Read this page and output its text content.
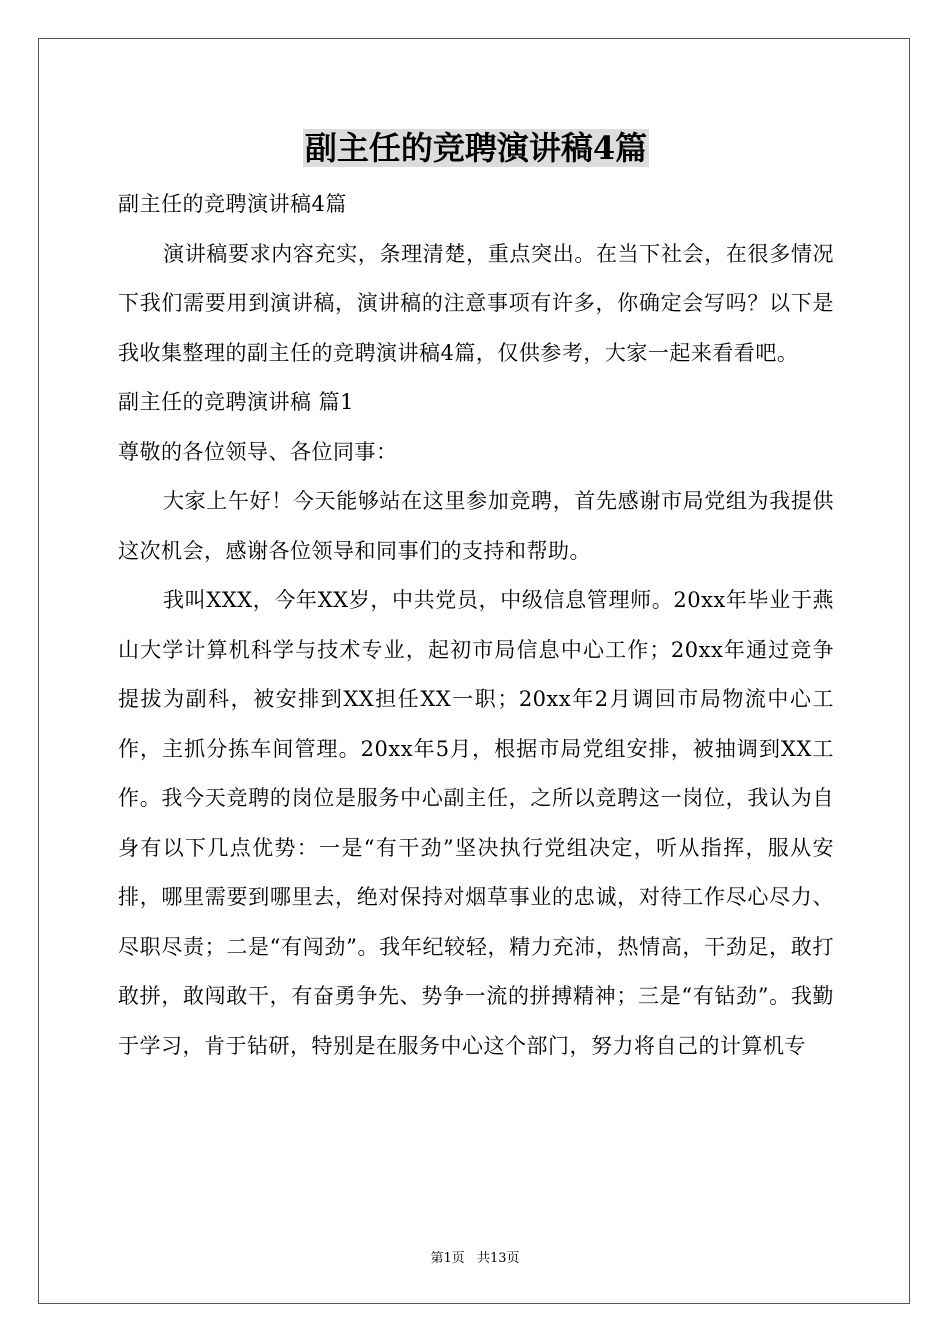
副主任的竞聘演讲稿4篇

副主任的竞聘演讲稿4篇

演讲稿要求内容充实，条理清楚，重点突出。在当下社会，在很多情况下我们需要用到演讲稿，演讲稿的注意事项有许多，你确定会写吗？以下是我收集整理的副主任的竞聘演讲稿4篇，仅供参考，大家一起来看看吧。

副主任的竞聘演讲稿 篇1

尊敬的各位领导、各位同事：

大家上午好！今天能够站在这里参加竞聘，首先感谢市局党组为我提供这次机会，感谢各位领导和同事们的支持和帮助。

我叫XXX，今年XX岁，中共党员，中级信息管理师。20xx年毕业于燕山大学计算机科学与技术专业，起初市局信息中心工作；20xx年通过竞争提拔为副科，被安排到XX担任XX一职；20xx年2月调回市局物流中心工作，主抓分拣车间管理。20xx年5月，根据市局党组安排，被抽调到XX工作。我今天竞聘的岗位是服务中心副主任，之所以竞聘这一岗位，我认为自身有以下几点优势：一是“有干劲”坚决执行党组决定，听从指挥，服从安排，哪里需要到哪里去，绝对保持对烟草事业的忠诚，对待工作尽心尽力、尽职尽责；二是“有闯劲”。我年纪较轻，精力充沛，热情高，干劲足，敢打敢拼，敢闯敢干，有奋勇争先、势争一流的拼搏精神；三是“有钻劲”。我勤于学习，肯于钻研，特别是在服务中心这个部门，努力将自己的计算机专

第1页 共13页
